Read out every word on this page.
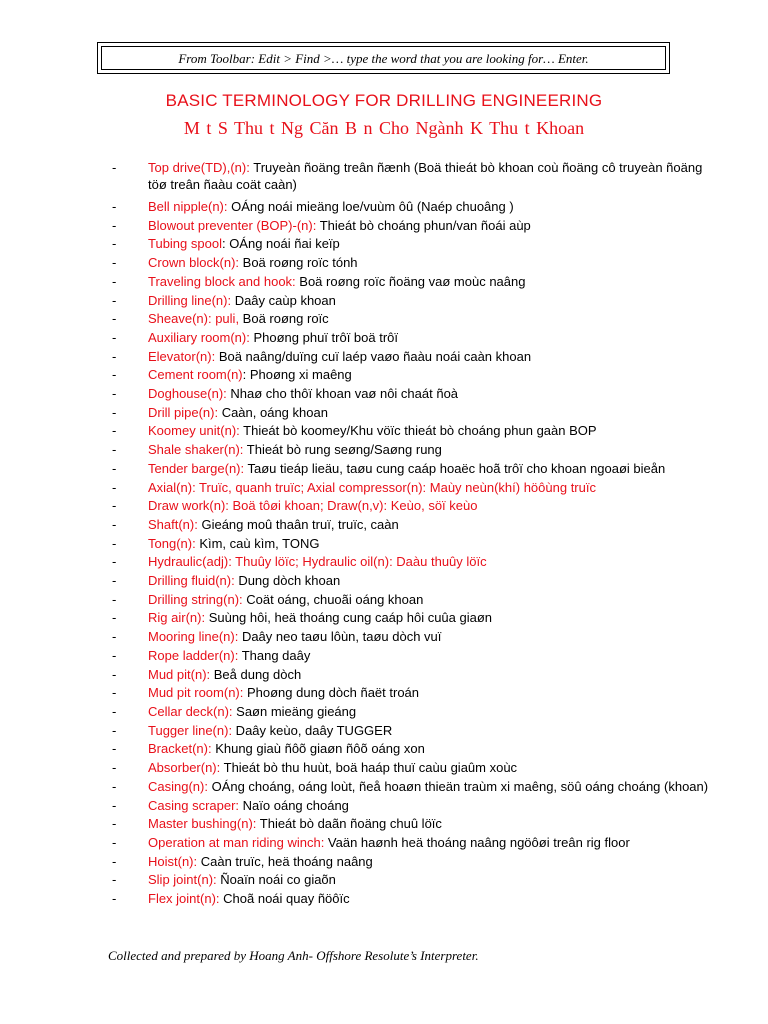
From Toolbar: Edit > Find >… type the word that you are looking for… Enter.
BASIC TERMINOLOGY FOR DRILLING ENGINEERING
M t S Thu t Ng Căn B n Cho Ngành K Thu t Khoan
- Top drive(TD),(n): Truyeàn ñoäng treân ñænh (Boä thieát bò khoan coù ñoäng cô truyeàn ñoäng töø treân ñaàu coät caàn)
- Bell nipple(n): OÁng noái mieäng loe/vuùm ôû (Naép chuoâng )
- Blowout preventer (BOP)-(n): Thieát bò choáng phun/van ñoái aùp
- Tubing spool: OÁng noái ñai keïp
- Crown block(n): Boä roøng roïc tónh
- Traveling block and hook: Boä roøng roïc ñoäng vaø moùc naâng
- Drilling line(n): Daây caùp khoan
- Sheave(n): puli, Boä roøng roïc
- Auxiliary room(n): Phoøng phuï trôï boä trôï
- Elevator(n): Boä naâng/duïng cuï laép vaøo ñaàu noái caàn khoan
- Cement room(n): Phoøng xi maêng
- Doghouse(n): Nhaø cho thôï khoan vaø nôi chaát ñoà
- Drill pipe(n): Caàn, oáng khoan
- Koomey unit(n): Thieát bò koomey/Khu vöïc thieát bò choáng phun gaàn BOP
- Shale shaker(n): Thieát bò rung seøng/Saøng rung
- Tender barge(n): Taøu tieáp lieäu, taøu cung caáp hoaëc hoã trôï cho khoan ngoaøi bieån
- Axial(n): Truïc, quanh truïc; Axial compressor(n): Maùy neùn(khí) höôùng truïc
- Draw work(n): Boä tôøi khoan; Draw(n,v): Keùo, söï keùo
- Shaft(n): Gieáng moû thaân truï, truïc, caàn
- Tong(n): Kìm, caù kìm, TONG
- Hydraulic(adj): Thuûy löïc; Hydraulic oil(n): Daàu thuûy löïc
- Drilling fluid(n): Dung dòch khoan
- Drilling string(n): Coät oáng, chuoãi oáng khoan
- Rig air(n): Suùng hôi, heä thoáng cung caáp hôi cuûa giaøn
- Mooring line(n): Daây neo taøu lôùn, taøu dòch vuï
- Rope ladder(n): Thang daây
- Mud pit(n): Beå dung dòch
- Mud pit room(n): Phoøng dung dòch ñaët troán
- Cellar deck(n): Saøn mieäng gieáng
- Tugger line(n): Daây keùo, daây TUGGER
- Bracket(n): Khung giaù ñôõ giaøn ñôõ oáng xon
- Absorber(n): Thieát bò thu huùt, boä haáp thuï caùu giaûm xoùc
- Casing(n): OÁng choáng, oáng loùt, ñeå hoaøn thieän traùm xi maêng, söû oáng choáng (khoan)
- Casing scraper: Naïo oáng choáng
- Master bushing(n): Thieát bò daãn ñoäng chuû löïc
- Operation at man riding winch: Vaän haønh heä thoáng naâng ngöôøi treân rig floor
- Hoist(n): Caàn truïc, heä thoáng naâng
- Slip joint(n): Ñoaïn noái co giaõn
- Flex joint(n): Choã noái quay ñöôïc
Collected and prepared by Hoang Anh- Offshore Resolute’s Interpreter.
